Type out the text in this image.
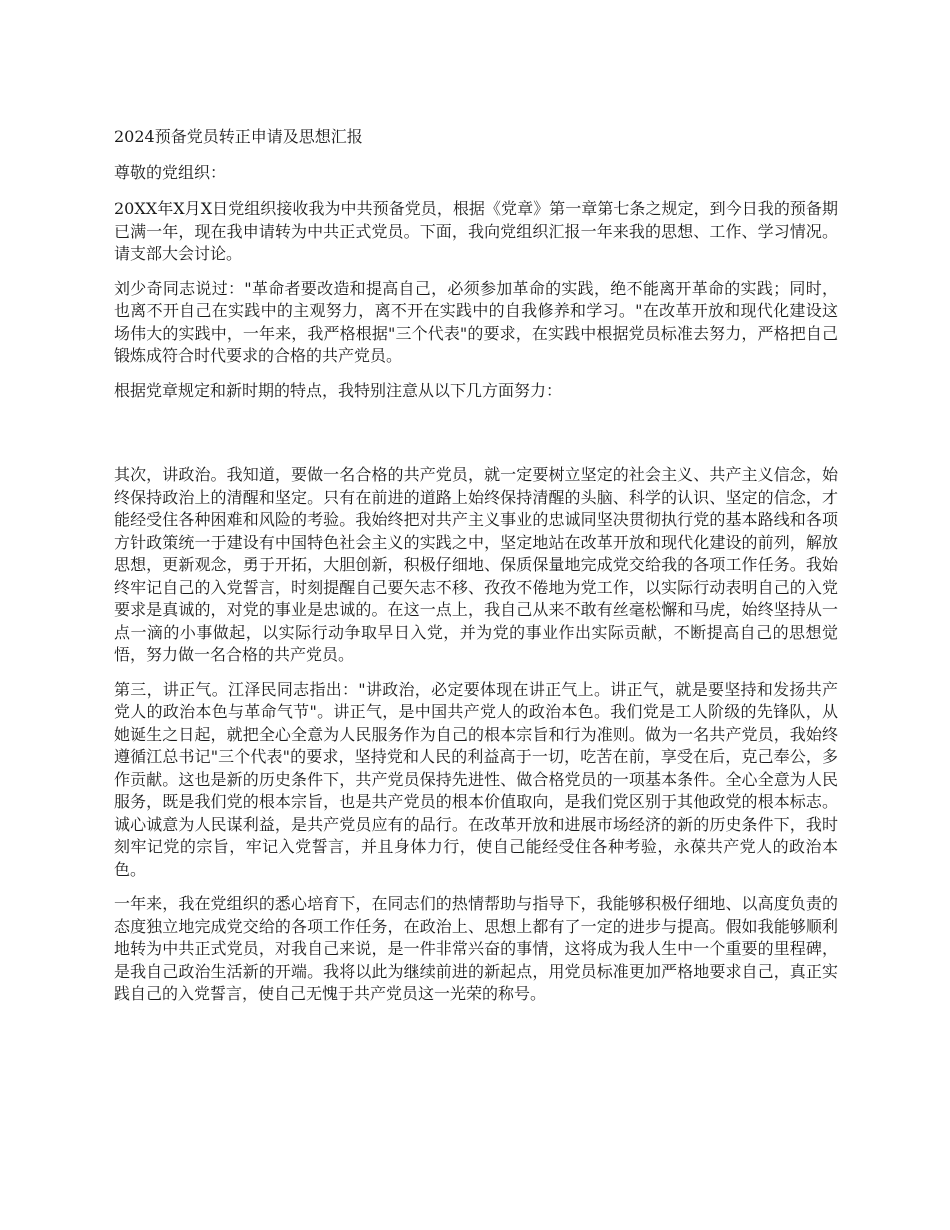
2024预备党员转正申请及思想汇报
尊敬的党组织：

20XX年X月X日党组织接收我为中共预备党员，根据《党章》第一章第七条之规定，到今日我的预备期已满一年，现在我申请转为中共正式党员。下面，我向党组织汇报一年来我的思想、工作、学习情况。请支部大会讨论。

刘少奇同志说过："革命者要改造和提高自己，必须参加革命的实践，绝不能离开革命的实践；同时，也离不开自己在实践中的主观努力，离不开在实践中的自我修养和学习。"在改革开放和现代化建设这场伟大的实践中，一年来，我严格根据"三个代表"的要求，在实践中根据党员标准去努力，严格把自己锻炼成符合时代要求的合格的共产党员。

根据党章规定和新时期的特点，我特别注意从以下几方面努力：

其次，讲政治。我知道，要做一名合格的共产党员，就一定要树立坚定的社会主义、共产主义信念，始终保持政治上的清醒和坚定。只有在前进的道路上始终保持清醒的头脑、科学的认识、坚定的信念，才能经受住各种困难和风险的考验。我始终把对共产主义事业的忠诚同坚决贯彻执行党的基本路线和各项方针政策统一于建设有中国特色社会主义的实践之中，坚定地站在改革开放和现代化建设的前列，解放思想，更新观念，勇于开拓，大胆创新，积极仔细地、保质保量地完成党交给我的各项工作任务。我始终牢记自己的入党誓言，时刻提醒自己要矢志不移、孜孜不倦地为党工作，以实际行动表明自己的入党要求是真诚的，对党的事业是忠诚的。在这一点上，我自己从来不敢有丝毫松懈和马虎，始终坚持从一点一滴的小事做起，以实际行动争取早日入党，并为党的事业作出实际贡献，不断提高自己的思想觉悟，努力做一名合格的共产党员。

第三，讲正气。江泽民同志指出："讲政治，必定要体现在讲正气上。讲正气，就是要坚持和发扬共产党人的政治本色与革命气节"。讲正气，是中国共产党人的政治本色。我们党是工人阶级的先锋队，从她诞生之日起，就把全心全意为人民服务作为自己的根本宗旨和行为准则。做为一名共产党员，我始终遵循江总书记"三个代表"的要求，坚持党和人民的利益高于一切，吃苦在前，享受在后，克己奉公，多作贡献。这也是新的历史条件下，共产党员保持先进性、做合格党员的一项基本条件。全心全意为人民服务，既是我们党的根本宗旨，也是共产党员的根本价值取向，是我们党区别于其他政党的根本标志。诚心诚意为人民谋利益，是共产党员应有的品行。在改革开放和进展市场经济的新的历史条件下，我时刻牢记党的宗旨，牢记入党誓言，并且身体力行，使自己能经受住各种考验，永葆共产党人的政治本色。

一年来，我在党组织的悉心培育下，在同志们的热情帮助与指导下，我能够积极仔细地、以高度负责的态度独立地完成党交给的各项工作任务，在政治上、思想上都有了一定的进步与提高。假如我能够顺利地转为中共正式党员，对我自己来说，是一件非常兴奋的事情，这将成为我人生中一个重要的里程碑，是我自己政治生活新的开端。我将以此为继续前进的新起点，用党员标准更加严格地要求自己，真正实践自己的入党誓言，使自己无愧于共产党员这一光荣的称号。
